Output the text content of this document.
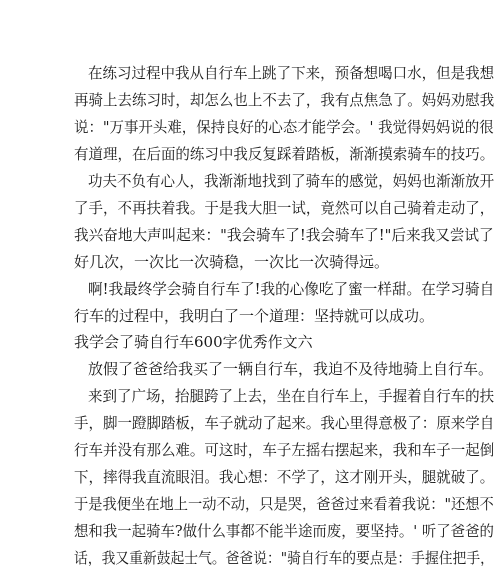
在练习过程中我从自行车上跳了下来，预备想喝口水，但是我想
再骑上去练习时，却怎么也上不去了，我有点焦急了。妈妈劝慰我
说："万事开头难，保持良好的心态才能学会。' 我觉得妈妈说的很
有道理，在后面的练习中我反复踩着踏板，渐渐摸索骑车的技巧。
功夫不负有心人，我渐渐地找到了骑车的感觉，妈妈也渐渐放开
了手，不再扶着我。于是我大胆一试，竟然可以自己骑着走动了，
我兴奋地大声叫起来："我会骑车了!我会骑车了!"后来我又尝试了
好几次，一次比一次骑稳，一次比一次骑得远。
啊!我最终学会骑自行车了!我的心像吃了蜜一样甜。在学习骑自
行车的过程中，我明白了一个道理：坚持就可以成功。
我学会了骑自行车600字优秀作文六
放假了爸爸给我买了一辆自行车，我迫不及待地骑上自行车。
来到了广场，抬腿跨了上去，坐在自行车上，手握着自行车的扶
手，脚一蹬脚踏板，车子就动了起来。我心里得意极了：原来学自
行车并没有那么难。可这时，车子左摇右摆起来，我和车子一起倒
下，摔得我直流眼泪。我心想：不学了，这才刚开头，腿就破了。
于是我便坐在地上一动不动，只是哭，爸爸过来看着我说："还想不
想和我一起骑车?做什么事都不能半途而废，要坚持。' 听了爸爸的
话，我又重新鼓起士气。爸爸说："骑自行车的要点是：手握住把手，
